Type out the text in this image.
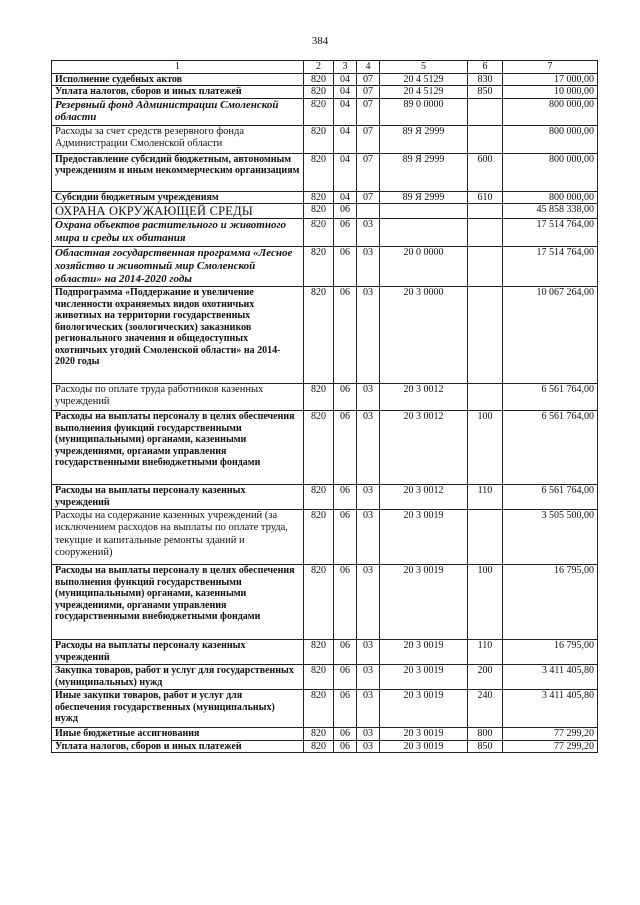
384
1	2	3	4	5	6	7
Исполнение судебных актов	820	04	07	20 4 5129	830	17 000,00
Уплата налогов, сборов и иных платежей	820	04	07	20 4 5129	850	10 000,00
Резервный фонд Администрации Смоленской области	820	04	07	89 0 0000		800 000,00
Расходы за счет средств резервного фонда Администрации Смоленской области	820	04	07	89 Я 2999		800 000,00
Предоставление субсидий бюджетным, автономным учреждениям и иным некоммерческим организациям	820	04	07	89 Я 2999	600	800 000,00
Субсидии бюджетным учреждениям	820	04	07	89 Я 2999	610	800 000,00
ОХРАНА ОКРУЖАЮЩЕЙ СРЕДЫ	820	06				45 858 338,00
Охрана объектов растительного и животного мира и среды их обитания	820	06	03			17 514 764,00
Областная государственная программа «Лесное хозяйство и животный мир Смоленской области» на 2014-2020 годы	820	06	03	20 0 0000		17 514 764,00
Подпрограмма «Поддержание и увеличение численности охраняемых видов охотничьих животных на территории государственных биологических (зоологических) заказников регионального значения и общедоступных охотничьих угодий Смоленской области» на 2014-2020 годы	820	06	03	20 3 0000		10 067 264,00
Расходы по оплате труда работников казенных учреждений	820	06	03	20 3 0012		6 561 764,00
Расходы на выплаты персоналу в целях обеспечения выполнения функций государственными (муниципальными) органами, казенными учреждениями, органами управления государственными внебюджетными фондами	820	06	03	20 3 0012	100	6 561 764,00
Расходы на выплаты персоналу казенных учреждений	820	06	03	20 3 0012	110	6 561 764,00
Расходы на содержание казенных учреждений (за исключением расходов на выплаты по оплате труда, текущие и капитальные ремонты зданий и сооружений)	820	06	03	20 3 0019		3 505 500,00
Расходы на выплаты персоналу в целях обеспечения выполнения функций государственными (муниципальными) органами, казенными учреждениями, органами управления государственными внебюджетными фондами	820	06	03	20 3 0019	100	16 795,00
Расходы на выплаты персоналу казенных учреждений	820	06	03	20 3 0019	110	16 795,00
Закупка товаров, работ и услуг для государственных (муниципальных) нужд	820	06	03	20 3 0019	200	3 411 405,80
Иные закупки товаров, работ и услуг для обеспечения государственных (муниципальных) нужд	820	06	03	20 3 0019	240	3 411 405,80
Иные бюджетные ассигнования	820	06	03	20 3 0019	800	77 299,20
Уплата налогов, сборов и иных платежей	820	06	03	20 3 0019	850	77 299,20
